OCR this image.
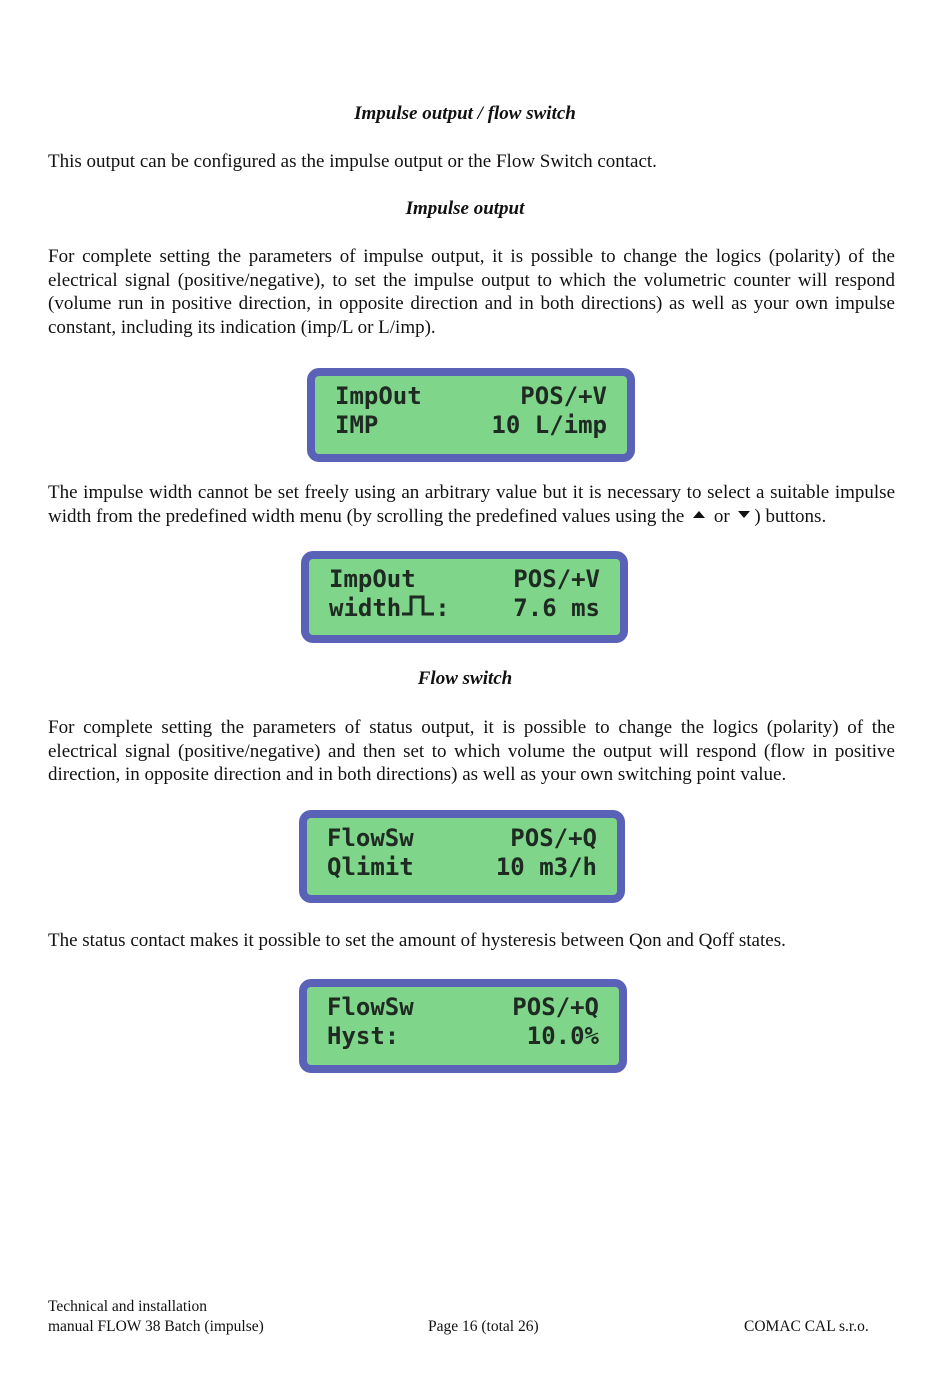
Impulse output / flow switch

This output can be configured as the impulse output or the Flow Switch contact.

Impulse output

For complete setting the parameters of impulse output, it is possible to change the logics (polarity) of the electrical signal (positive/negative), to set the impulse output to which the volumetric counter will respond (volume run in positive direction, in opposite direction and in both directions) as well as your own impulse constant, including its indication (imp/L or L/imp).

ImpOut	POS/+V
IMP	10 L/imp

The impulse width cannot be set freely using an arbitrary value but it is necessary to select a suitable impulse width from the predefined width menu (by scrolling the predefined values using the or ) buttons.

ImpOut	POS/+V
width :	7.6 ms
Flow switch

For complete setting the parameters of status output, it is possible to change the logics (polarity) of the electrical signal (positive/negative) and then set to which volume the output will respond (flow in positive direction, in opposite direction and in both directions) as well as your own switching point value.

FlowSw	POS/+Q
Qlimit	10 m3/h

The status contact makes it possible to set the amount of hysteresis between Qon and Qoff states.

FlowSw	POS/+Q
Hyst:	10.0%
Technical and installation
manual FLOW 38 Batch (impulse)	Page 16 (total 26)	COMAC CAL s.r.o.
